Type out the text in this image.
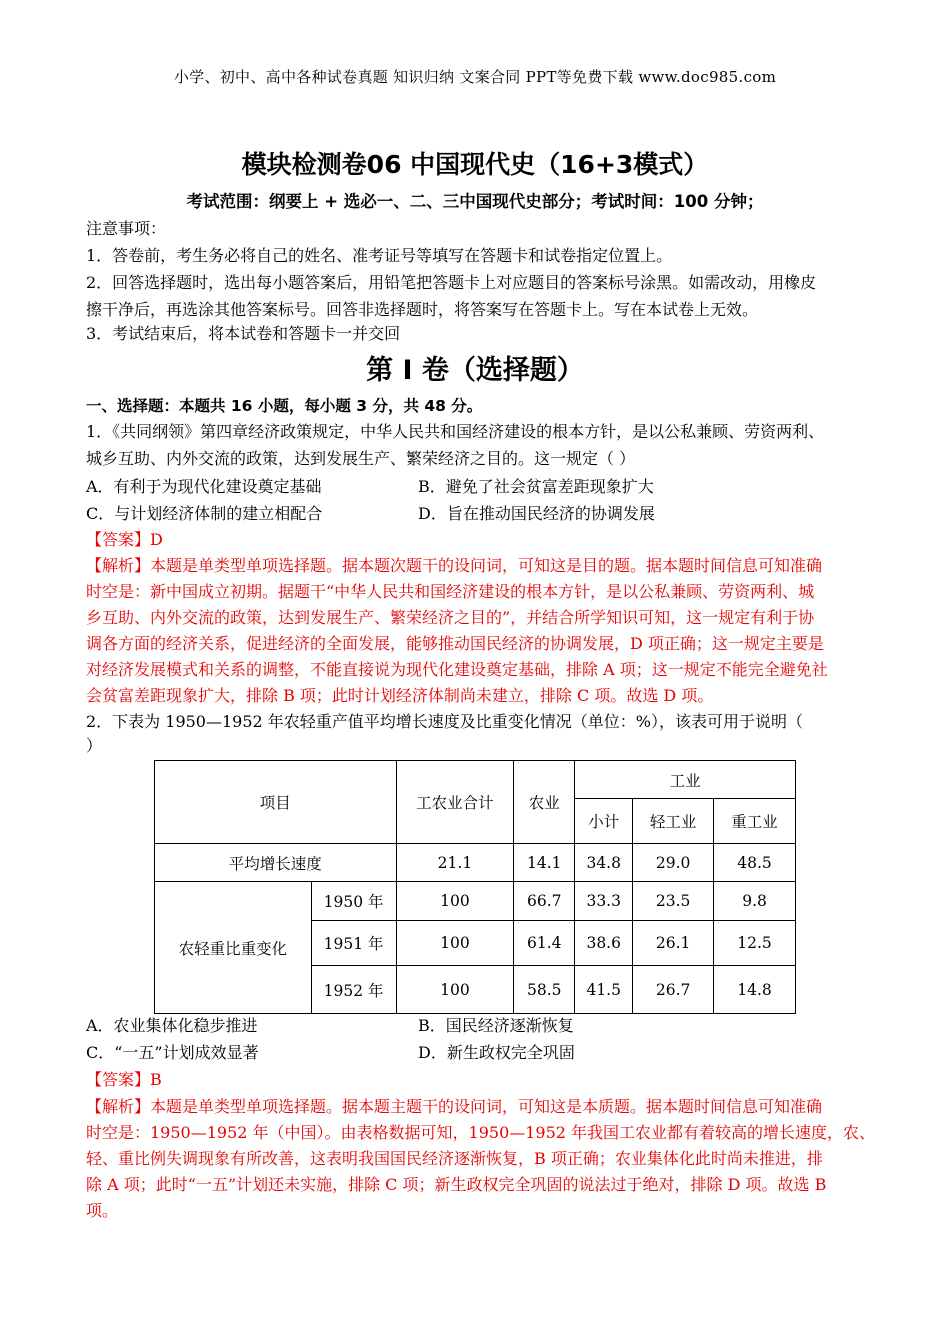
小学、初中、高中各种试卷真题 知识归纳 文案合同 PPT等免费下载 www.doc985.com
模块检测卷06 中国现代史（16+3模式）
考试范围：纲要上 + 选必一、二、三中国现代史部分；考试时间：100 分钟；
注意事项：
1．答卷前，考生务必将自己的姓名、准考证号等填写在答题卡和试卷指定位置上。
2．回答选择题时，选出每小题答案后，用铅笔把答题卡上对应题目的答案标号涂黑。如需改动，用橡皮
擦干净后，再选涂其他答案标号。回答非选择题时，将答案写在答题卡上。写在本试卷上无效。
3．考试结束后，将本试卷和答题卡一并交回
第 I 卷（选择题）
一、选择题：本题共 16 小题，每小题 3 分，共 48 分。
1．《共同纲领》第四章经济政策规定，中华人民共和国经济建设的根本方针，是以公私兼顾、劳资两利、
城乡互助、内外交流的政策，达到发展生产、繁荣经济之目的。这一规定（ ）
A．有利于为现代化建设奠定基础	B．避免了社会贫富差距现象扩大
C．与计划经济体制的建立相配合	D．旨在推动国民经济的协调发展
【答案】D
【解析】本题是单类型单项选择题。据本题次题干的设问词，可知这是目的题。据本题时间信息可知准确
时空是：新中国成立初期。据题干“中华人民共和国经济建设的根本方针，是以公私兼顾、劳资两利、城
乡互助、内外交流的政策，达到发展生产、繁荣经济之目的”，并结合所学知识可知，这一规定有利于协
调各方面的经济关系，促进经济的全面发展，能够推动国民经济的协调发展，D 项正确；这一规定主要是
对经济发展模式和关系的调整，不能直接说为现代化建设奠定基础，排除 A 项；这一规定不能完全避免社
会贫富差距现象扩大，排除 B 项；此时计划经济体制尚未建立，排除 C 项。故选 D 项。
2．下表为 1950—1952 年农轻重产值平均增长速度及比重变化情况（单位：%），该表可用于说明（
）
项目		工农业合计	农业	工业		
				小计	轻工业	重工业
平均增长速度		21.1	14.1	34.8	29.0	48.5
农轻重比重变化	1950 年	100	66.7	33.3	23.5	9.8
	1951 年	100	61.4	38.6	26.1	12.5
	1952 年	100	58.5	41.5	26.7	14.8
A．农业集体化稳步推进	B．国民经济逐渐恢复
C．“一五”计划成效显著	D．新生政权完全巩固
【答案】B
【解析】本题是单类型单项选择题。据本题主题干的设问词，可知这是本质题。据本题时间信息可知准确
时空是：1950—1952 年（中国）。由表格数据可知，1950—1952 年我国工农业都有着较高的增长速度，农、
轻、重比例失调现象有所改善，这表明我国国民经济逐渐恢复，B 项正确；农业集体化此时尚未推进，排
除 A 项；此时“一五”计划还未实施，排除 C 项；新生政权完全巩固的说法过于绝对，排除 D 项。故选 B
项。
